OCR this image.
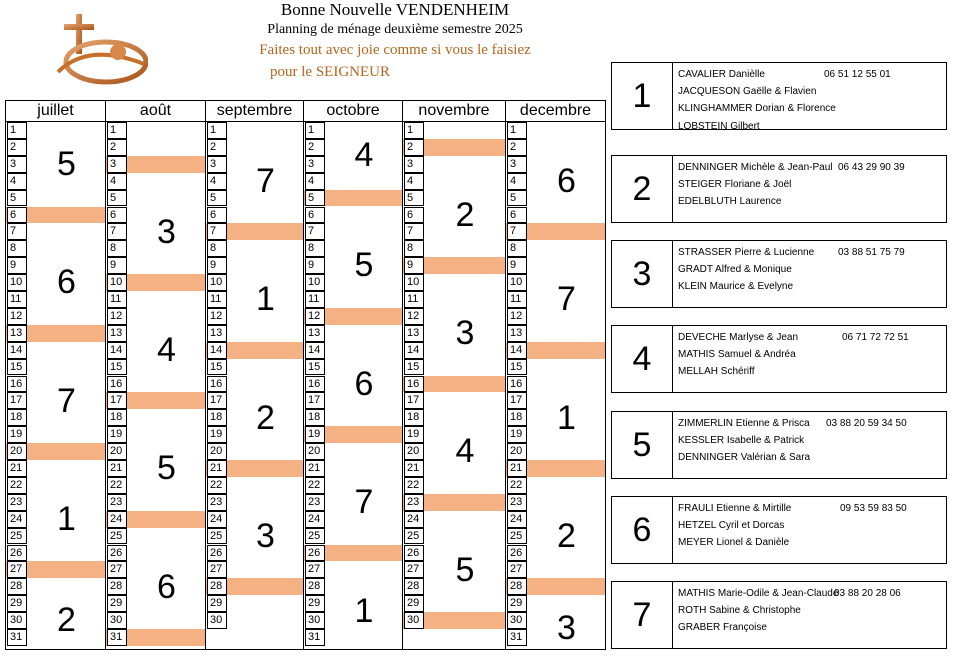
Bonne Nouvelle VENDENHEIM
Planning de ménage deuxième semestre 2025
Faites tout avec joie comme si vous le faisiez
pour le SEIGNEUR
juillet
1
2
3
4
5
6
7
8
9
10
11
12
13
14
15
16
17
18
19
20
21
22
23
24
25
26
27
28
29
30
31
5
6
7
1
2
août
1
2
3
4
5
6
7
8
9
10
11
12
13
14
15
16
17
18
19
20
21
22
23
24
25
26
27
28
29
30
31
3
4
5
6
septembre
1
2
3
4
5
6
7
8
9
10
11
12
13
14
15
16
17
18
19
20
21
22
23
24
25
26
27
28
29
30
7
1
2
3
octobre
1
2
3
4
5
6
7
8
9
10
11
12
13
14
15
16
17
18
19
20
21
22
23
24
25
26
27
28
29
30
31
4
5
6
7
1
novembre
1
2
3
4
5
6
7
8
9
10
11
12
13
14
15
16
17
18
19
20
21
22
23
24
25
26
27
28
29
30
2
3
4
5
decembre
1
2
3
4
5
6
7
8
9
10
11
12
13
14
15
16
17
18
19
20
21
22
23
24
25
26
27
28
29
30
31
6
7
1
2
3
1
CAVALIER Danièlle
JACQUESON Gaëlle & Flavien
KLINGHAMMER Dorian & Florence
LOBSTEIN Gilbert
06 51 12 55 01
2
DENNINGER Michèle & Jean-Paul
STEIGER Floriane & Joël
EDELBLUTH Laurence
06 43 29 90 39
3
STRASSER Pierre & Lucienne
GRADT Alfred & Monique
KLEIN Maurice & Evelyne
03 88 51 75 79
4
DEVECHE Marlyse & Jean
MATHIS Samuel & Andréa
MELLAH Schériff
06 71 72 72 51
5
ZIMMERLIN Etienne & Prisca
KESSLER Isabelle & Patrick
DENNINGER Valérian & Sara
03 88 20 59 34 50
6
FRAULI Etienne & Mirtille
HETZEL Cyril et Dorcas
MEYER Lionel & Danièle
09 53 59 83 50
7
MATHIS Marie-Odile & Jean-Claude
ROTH Sabine & Christophe
GRABER Françoise
03 88 20 28 06
